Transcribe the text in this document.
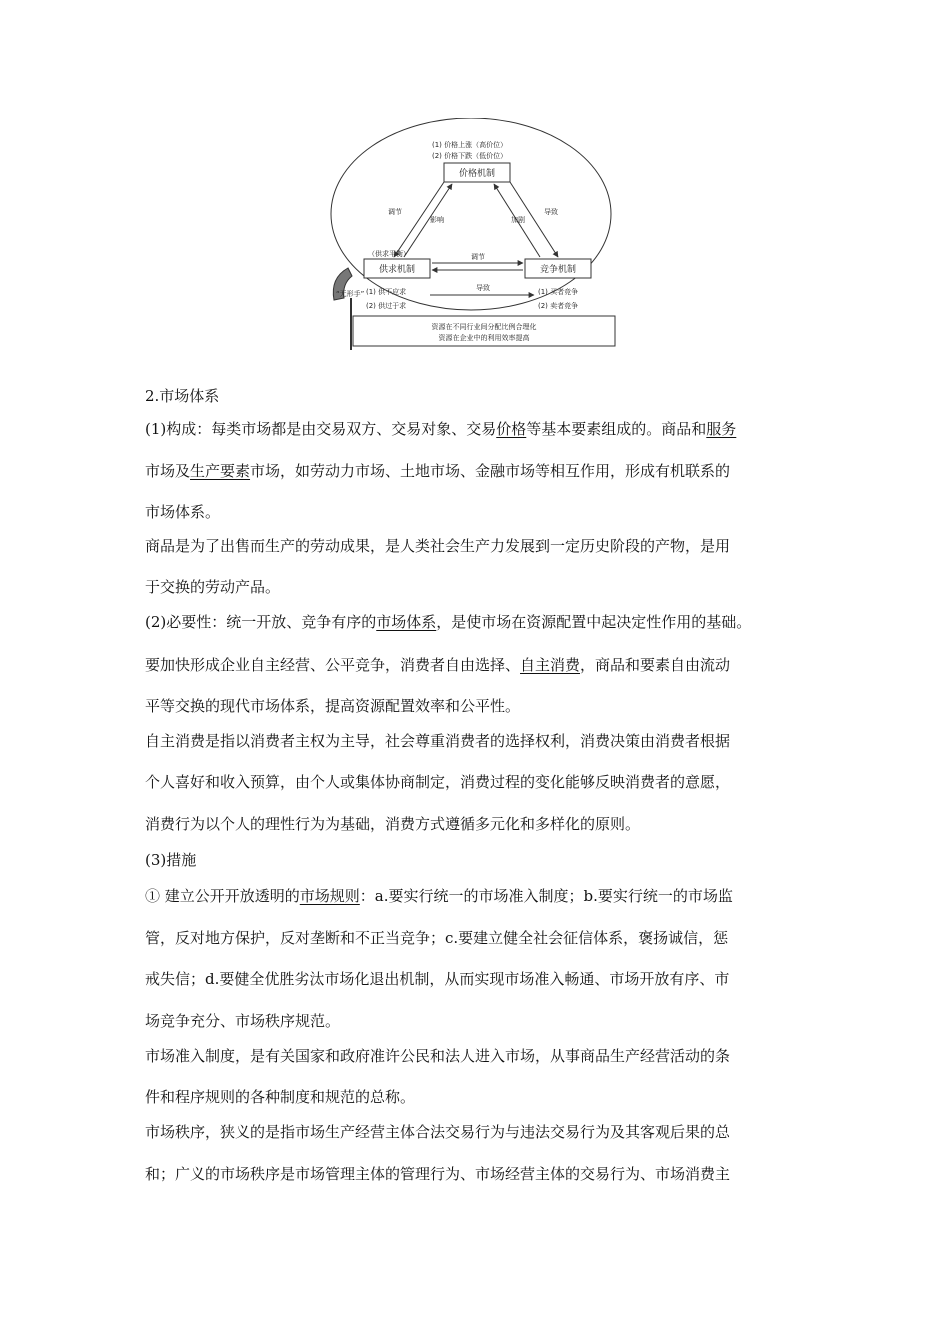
价格机制
供求机制	竞争机制
(1) 价格上涨（高价位）
(2) 价格下跌（低价位）
调节
影响	加剧
导致
（供求平衡）	调节
“无形手” (1) 供不应求
(2) 供过于求
导致	(1) 买者竞争
(2) 卖者竞争
资源在不同行业间分配比例合理化
资源在企业中的利用效率提高
2.市场体系
(1)构成：每类市场都是由交易双方、交易对象、交易价格等基本要素组成的。商品和服务
市场及生产要素市场，如劳动力市场、土地市场、金融市场等相互作用，形成有机联系的
市场体系。
商品是为了出售而生产的劳动成果，是人类社会生产力发展到一定历史阶段的产物，是用
于交换的劳动产品。
(2)必要性：统一开放、竞争有序的市场体系，是使市场在资源配置中起决定性作用的基础。
要加快形成企业自主经营、公平竞争，消费者自由选择、自主消费，商品和要素自由流动
平等交换的现代市场体系，提高资源配置效率和公平性。
自主消费是指以消费者主权为主导，社会尊重消费者的选择权利，消费决策由消费者根据
个人喜好和收入预算，由个人或集体协商制定，消费过程的变化能够反映消费者的意愿，
消费行为以个人的理性行为为基础，消费方式遵循多元化和多样化的原则。
(3)措施
① 建立公开开放透明的市场规则：a.要实行统一的市场准入制度；b.要实行统一的市场监
管，反对地方保护，反对垄断和不正当竞争；c.要建立健全社会征信体系，褒扬诚信，惩
戒失信；d.要健全优胜劣汰市场化退出机制，从而实现市场准入畅通、市场开放有序、市
场竞争充分、市场秩序规范。
市场准入制度，是有关国家和政府准许公民和法人进入市场，从事商品生产经营活动的条
件和程序规则的各种制度和规范的总称。
市场秩序，狭义的是指市场生产经营主体合法交易行为与违法交易行为及其客观后果的总
和；广义的市场秩序是市场管理主体的管理行为、市场经营主体的交易行为、市场消费主
